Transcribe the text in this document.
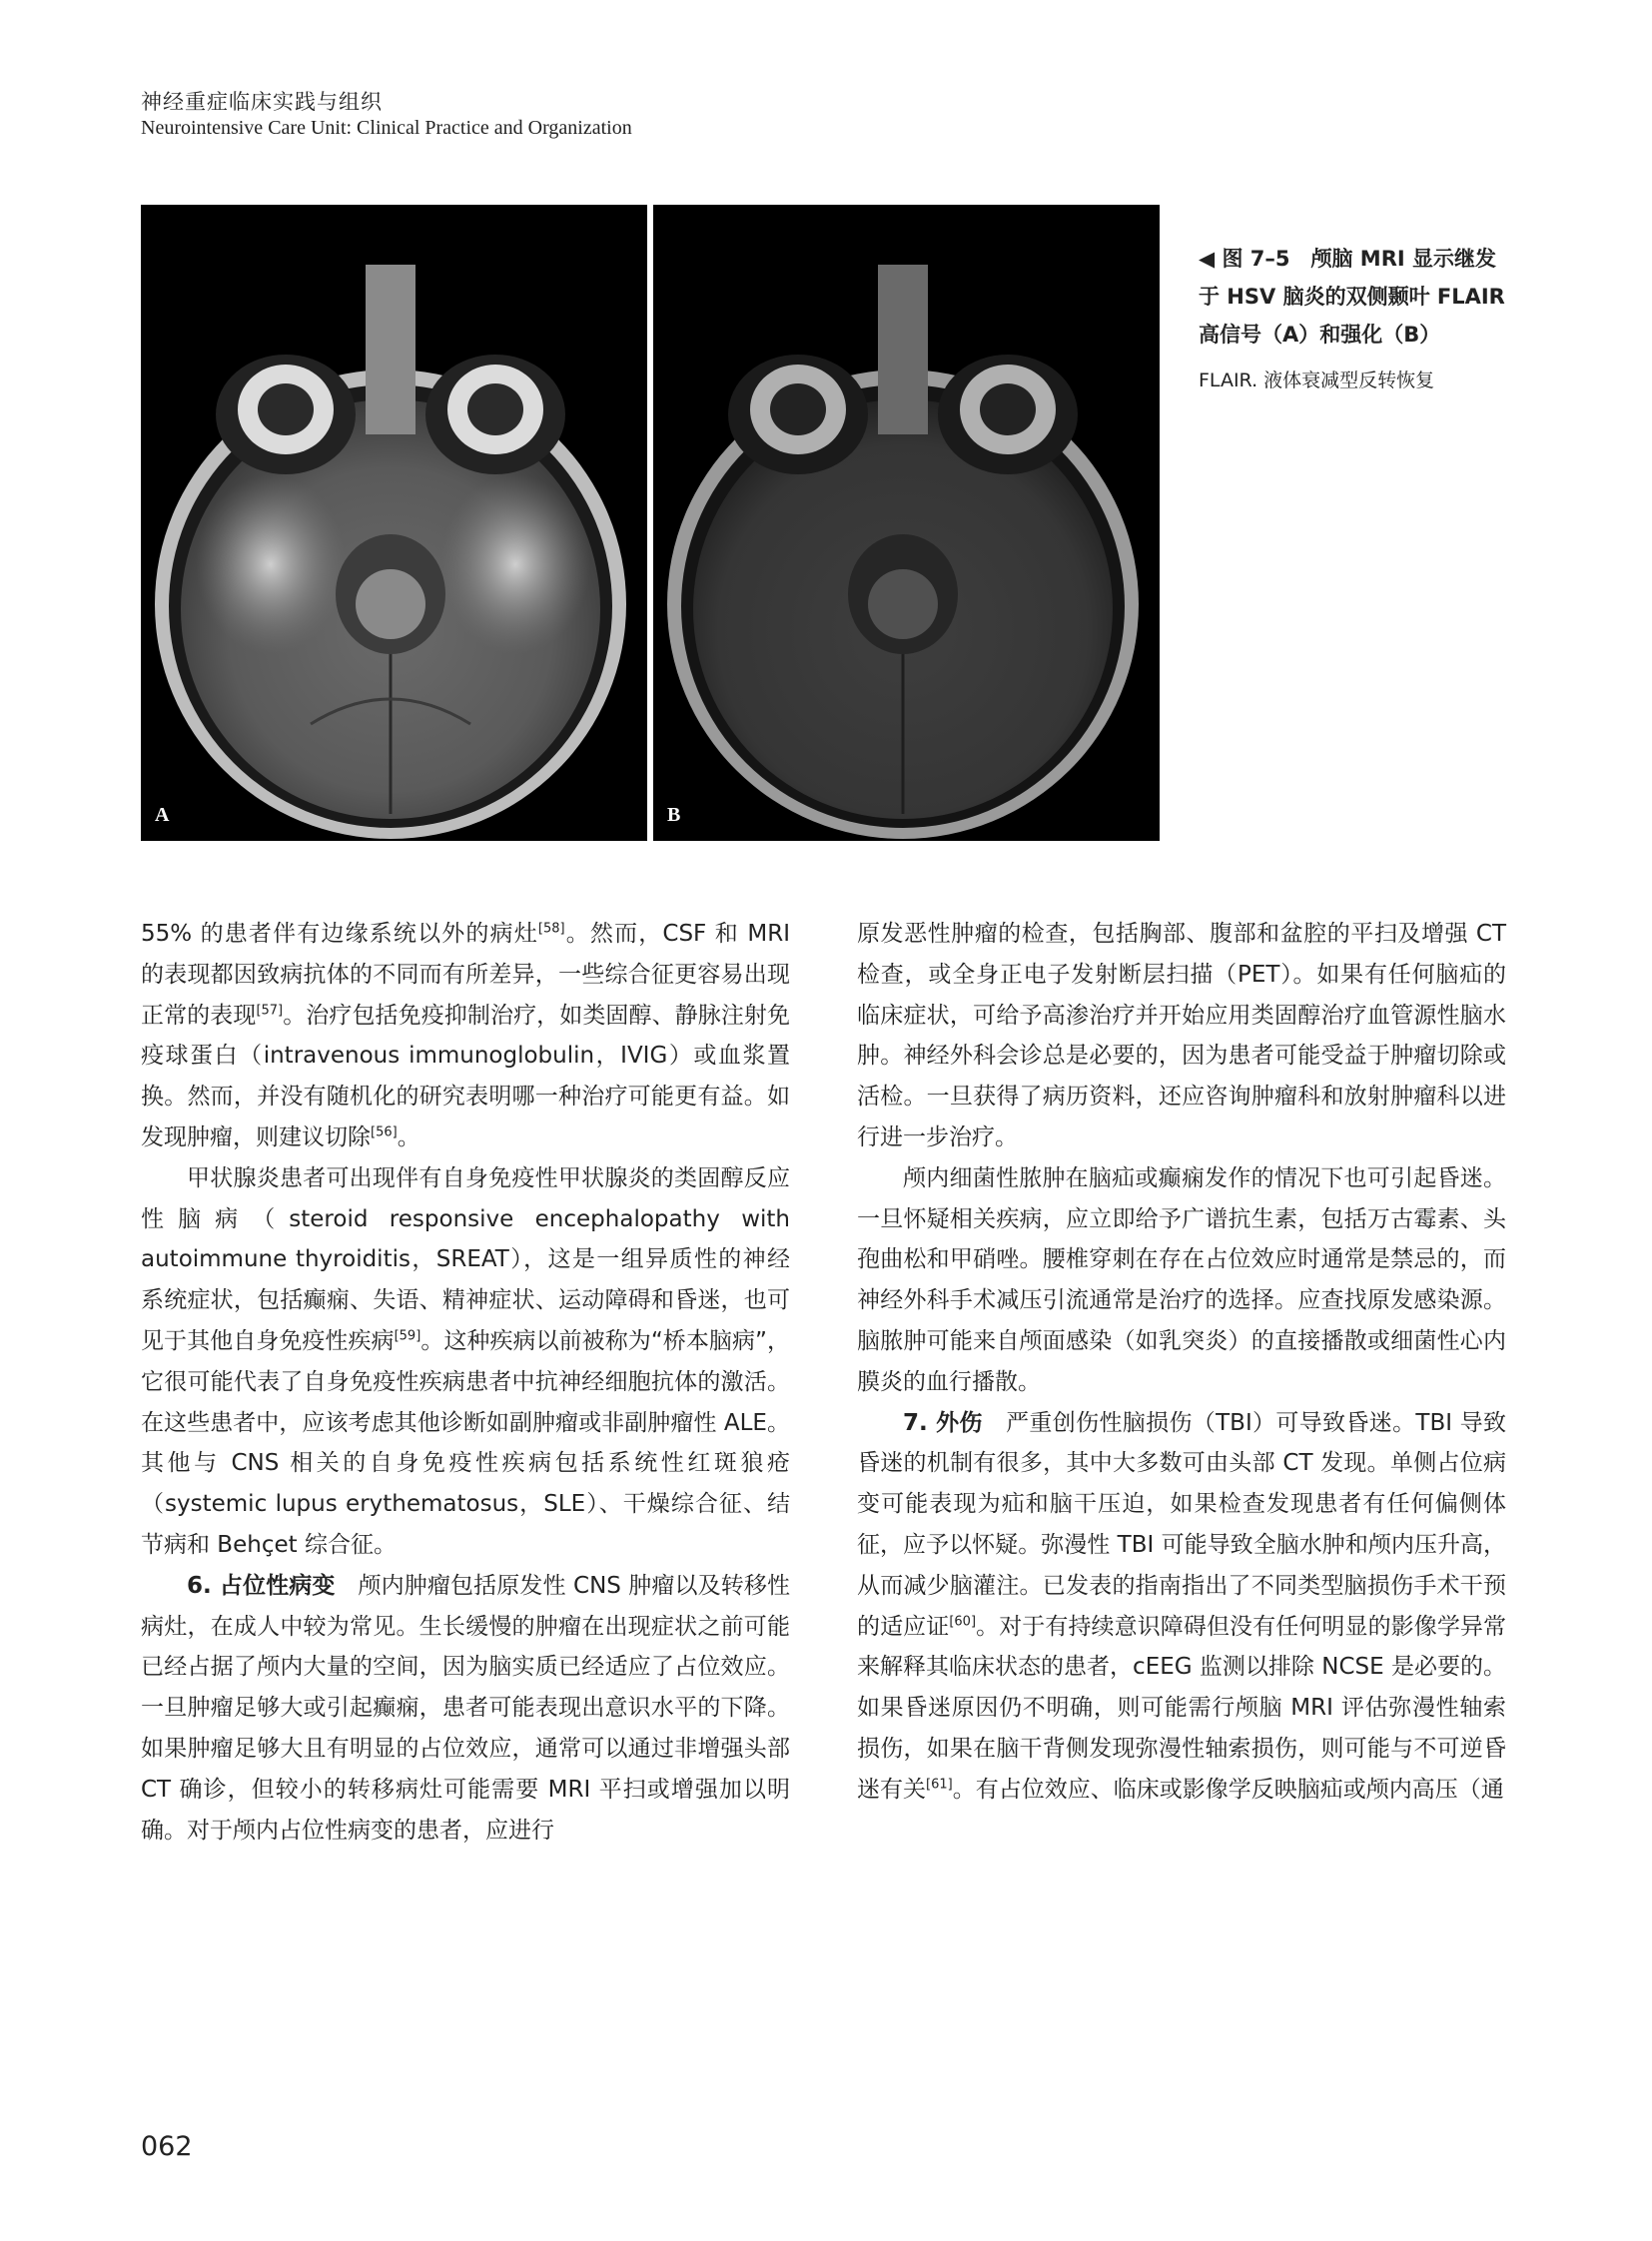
神经重症临床实践与组织
Neurointensive Care Unit: Clinical Practice and Organization
A	B

◀ 图 7–5　颅脑 MRI 显示继发于 HSV 脑炎的双侧颞叶 FLAIR 高信号（A）和强化（B）

FLAIR. 液体衰减型反转恢复

55% 的患者伴有边缘系统以外的病灶[58]。然而，CSF 和 MRI 的表现都因致病抗体的不同而有所差异，一些综合征更容易出现正常的表现[57]。治疗包括免疫抑制治疗，如类固醇、静脉注射免疫球蛋白（intravenous immunoglobulin，IVIG）或血浆置换。然而，并没有随机化的研究表明哪一种治疗可能更有益。如发现肿瘤，则建议切除[56]。

甲状腺炎患者可出现伴有自身免疫性甲状腺炎的类固醇反应性脑病（steroid responsive encephalopathy with autoimmune thyroiditis，SREAT），这是一组异质性的神经系统症状，包括癫痫、失语、精神症状、运动障碍和昏迷，也可见于其他自身免疫性疾病[59]。这种疾病以前被称为“桥本脑病”，它很可能代表了自身免疫性疾病患者中抗神经细胞抗体的激活。在这些患者中，应该考虑其他诊断如副肿瘤或非副肿瘤性 ALE。其他与 CNS 相关的自身免疫性疾病包括系统性红斑狼疮（systemic lupus erythematosus，SLE）、干燥综合征、结节病和 Behçet 综合征。

6. 占位性病变　颅内肿瘤包括原发性 CNS 肿瘤以及转移性病灶，在成人中较为常见。生长缓慢的肿瘤在出现症状之前可能已经占据了颅内大量的空间，因为脑实质已经适应了占位效应。一旦肿瘤足够大或引起癫痫，患者可能表现出意识水平的下降。如果肿瘤足够大且有明显的占位效应，通常可以通过非增强头部 CT 确诊，但较小的转移病灶可能需要 MRI 平扫或增强加以明确。对于颅内占位性病变的患者，应进行

原发恶性肿瘤的检查，包括胸部、腹部和盆腔的平扫及增强 CT 检查，或全身正电子发射断层扫描（PET）。如果有任何脑疝的临床症状，可给予高渗治疗并开始应用类固醇治疗血管源性脑水肿。神经外科会诊总是必要的，因为患者可能受益于肿瘤切除或活检。一旦获得了病历资料，还应咨询肿瘤科和放射肿瘤科以进行进一步治疗。

颅内细菌性脓肿在脑疝或癫痫发作的情况下也可引起昏迷。一旦怀疑相关疾病，应立即给予广谱抗生素，包括万古霉素、头孢曲松和甲硝唑。腰椎穿刺在存在占位效应时通常是禁忌的，而神经外科手术减压引流通常是治疗的选择。应查找原发感染源。脑脓肿可能来自颅面感染（如乳突炎）的直接播散或细菌性心内膜炎的血行播散。

7. 外伤　严重创伤性脑损伤（TBI）可导致昏迷。TBI 导致昏迷的机制有很多，其中大多数可由头部 CT 发现。单侧占位病变可能表现为疝和脑干压迫，如果检查发现患者有任何偏侧体征，应予以怀疑。弥漫性 TBI 可能导致全脑水肿和颅内压升高，从而减少脑灌注。已发表的指南指出了不同类型脑损伤手术干预的适应证[60]。对于有持续意识障碍但没有任何明显的影像学异常来解释其临床状态的患者，cEEG 监测以排除 NCSE 是必要的。如果昏迷原因仍不明确，则可能需行颅脑 MRI 评估弥漫性轴索损伤，如果在脑干背侧发现弥漫性轴索损伤，则可能与不可逆昏迷有关[61]。有占位效应、临床或影像学反映脑疝或颅内高压（通

062
